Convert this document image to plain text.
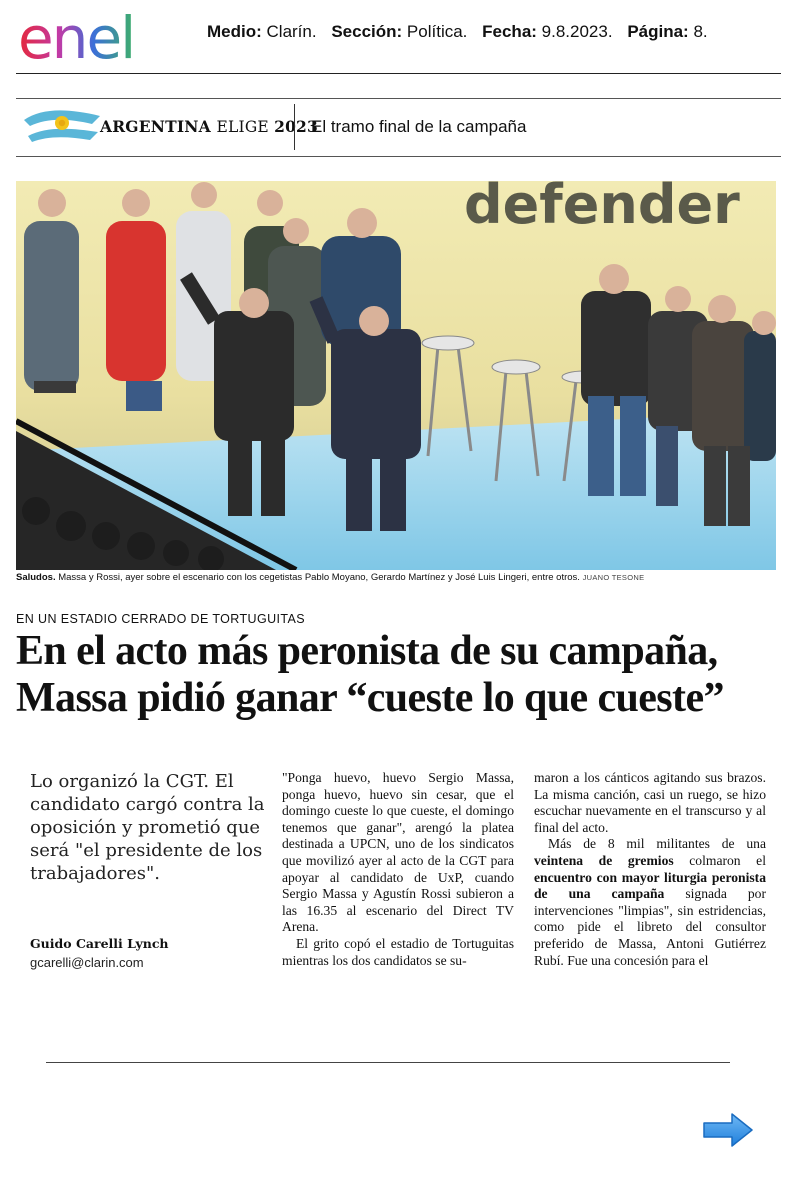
enel	Medio: Clarín. Sección: Política. Fecha: 9.8.2023. Página: 8.
ARGENTINA ELIGE 2023
El tramo final de la campaña
defender
Saludos. Massa y Rossi, ayer sobre el escenario con los cegetistas Pablo Moyano, Gerardo Martínez y José Luis Lingeri, entre otros. JUANO TESONE
EN UN ESTADIO CERRADO DE TORTUGUITAS
En el acto más peronista de su campaña,
Massa pidió ganar “cueste lo que cueste”

Lo organizó la CGT. El candidato cargó contra la oposición y prometió que será "el presidente de los trabajadores".

Guido Carelli Lynch
gcarelli@clarin.com

"Ponga huevo, huevo Sergio Massa, ponga huevo, huevo sin cesar, que el domingo cueste lo que cueste, el domingo tenemos que ganar", arengó la platea destinada a UPCN, uno de los sindicatos que movilizó ayer al acto de la CGT para apoyar al candidato de UxP, cuando Sergio Massa y Agustín Rossi subieron a las 16.35 al escenario del Direct TV Arena.

El grito copó el estadio de Tortuguitas mientras los dos candidatos se su-

maron a los cánticos agitando sus brazos. La misma canción, casi un ruego, se hizo escuchar nuevamente en el transcurso y al final del acto.

Más de 8 mil militantes de una veintena de gremios colmaron el encuentro con mayor liturgia peronista de una campaña signada por intervenciones "limpias", sin estridencias, como pide el libreto del consultor preferido de Massa, Antoni Gutiérrez Rubí. Fue una concesión para el
